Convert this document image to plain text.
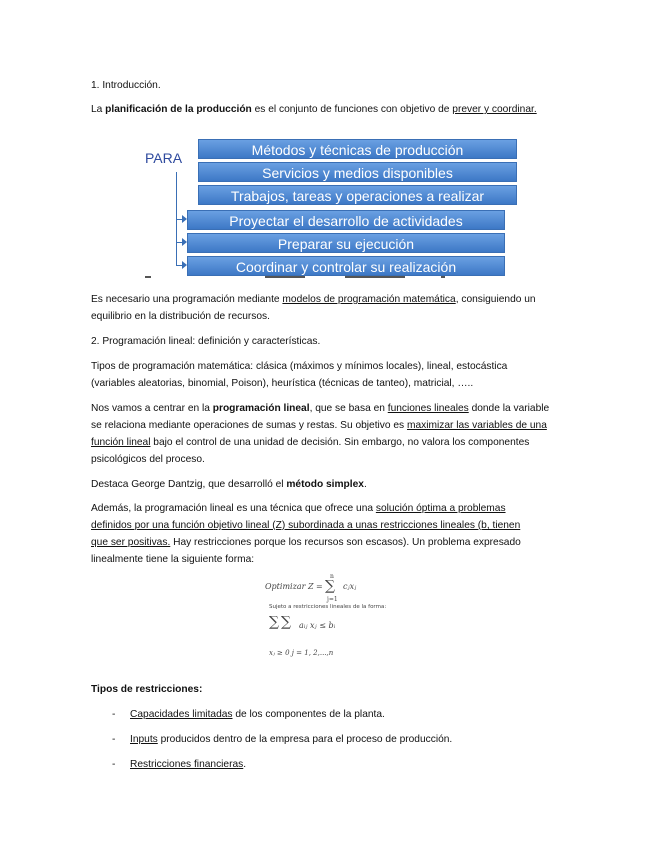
1. Introducción.

La planificación de la producción es el conjunto de funciones con objetivo de prever y coordinar.

PARA	Métodos y técnicas de producción
Servicios y medios disponibles
Trabajos, tareas y operaciones a realizar
Proyectar el desarrollo de actividades
Preparar su ejecución
Coordinar y controlar su realización

Es necesario una programación mediante modelos de programación matemática, consiguiendo un
equilibrio en la distribución de recursos.

2. Programación lineal: definición y características.

Tipos de programación matemática: clásica (máximos y mínimos locales), lineal, estocástica
(variables aleatorias, binomial, Poison), heurística (técnicas de tanteo), matricial, …..

Nos vamos a centrar en la programación lineal, que se basa en funciones lineales donde la variable
se relaciona mediante operaciones de sumas y restas. Su objetivo es maximizar las variables de una
función lineal bajo el control de una unidad de decisión. Sin embargo, no valora los componentes
psicológicos del proceso.

Destaca George Dantzig, que desarrolló el método simplex.

Además, la programación lineal es una técnica que ofrece una solución óptima a problemas
definidos por una función objetivo lineal (Z) subordinada a unas restricciones lineales (b, tienen
que ser positivas. Hay restricciones porque los recursos son escasos). Un problema expresado
linealmente tiene la siguiente forma:

Optimizar Z =
n
∑
j=1
cⱼxⱼ
Sujeto a restricciones lineales de la forma:
∑ ∑ aᵢⱼ xⱼ ≤ bᵢ
xⱼ ≥ 0 j = 1, 2,...,n

Tipos de restricciones:

- Capacidades limitadas de los componentes de la planta.
- Inputs producidos dentro de la empresa para el proceso de producción.
- Restricciones financieras.
